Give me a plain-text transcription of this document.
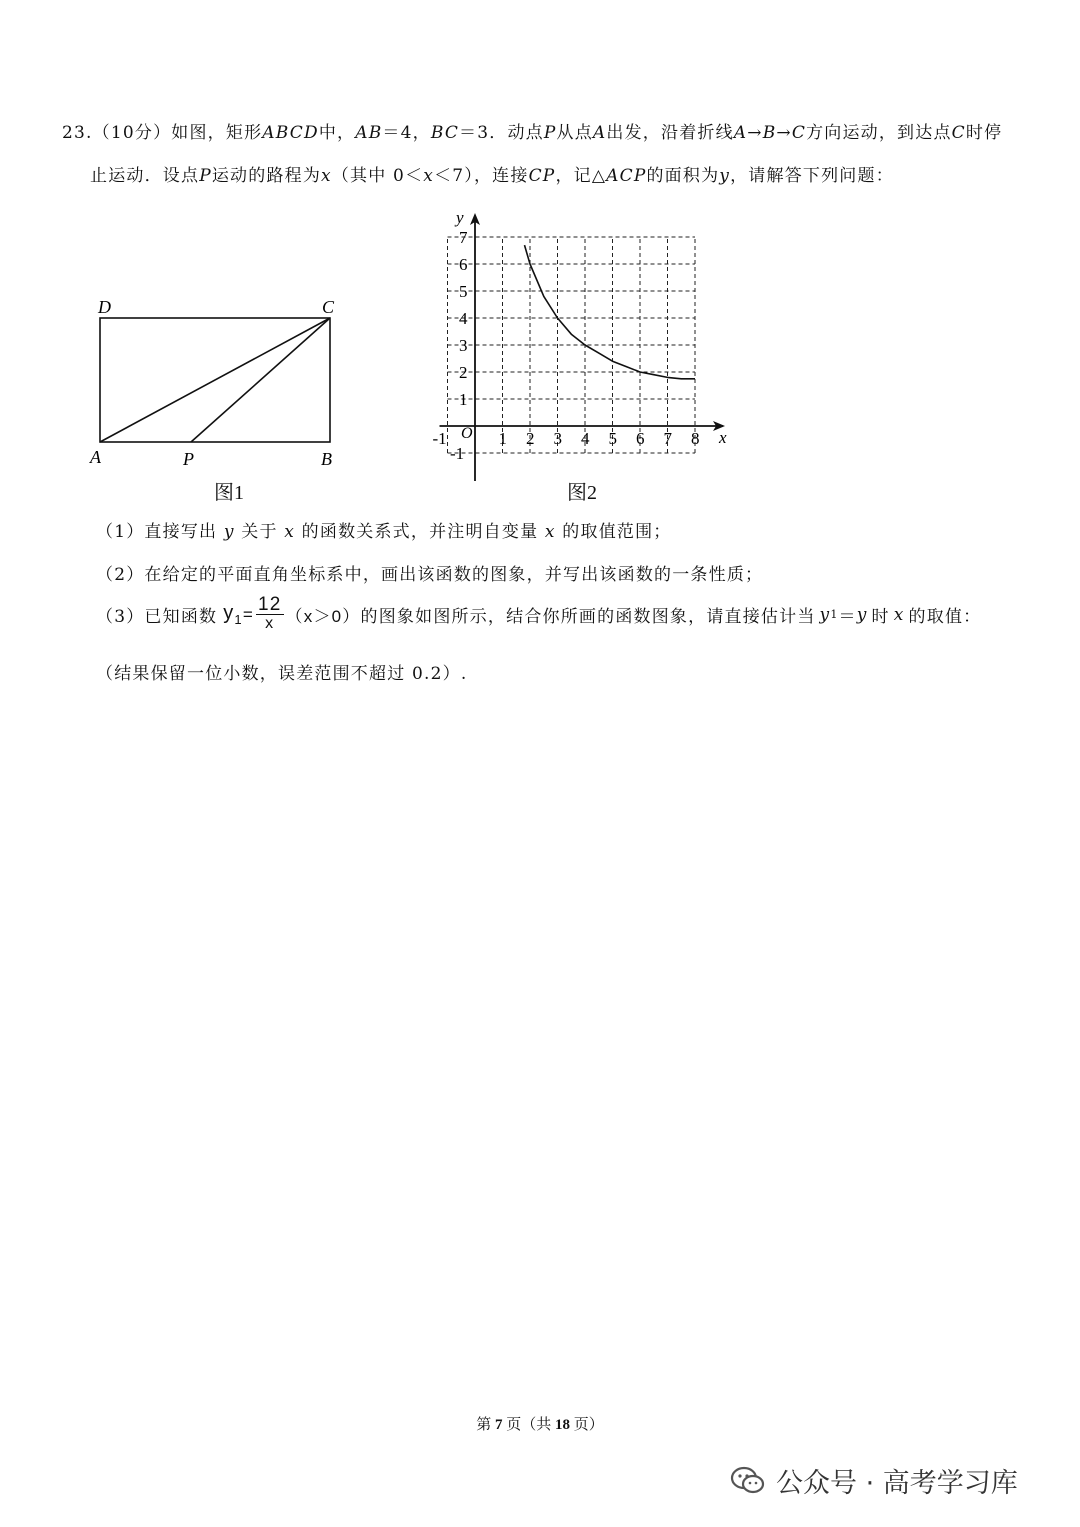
23.（10分）如图，矩形ABCD中，AB＝4，BC＝3．动点P从点A出发，沿着折线A→B→C方向运动，到达点C时停
止运动．设点P运动的路程为x（其中 0＜x＜7），连接CP，记△ACP的面积为y，请解答下列问题：
D	C
A	P	B
图1
x
y
O
-1	1 2 3 4 5 6 7 8
-1
1
2
3
4
5
6
7
图2
（1）直接写出 y 关于 x 的函数关系式，并注明自变量 x 的取值范围；
（2）在给定的平面直角坐标系中，画出该函数的图象，并写出该函数的一条性质；
（3）已知函数 $y_1 = \frac{12}{x} (x>0)$ 的图象如图所示，结合你所画的函数图象，请直接估计当 y 1 ＝ y 时 x 的取值：
（结果保留一位小数，误差范围不超过 0.2）.
第 7 页（共 18 页）
公众号 · 高考学习库
